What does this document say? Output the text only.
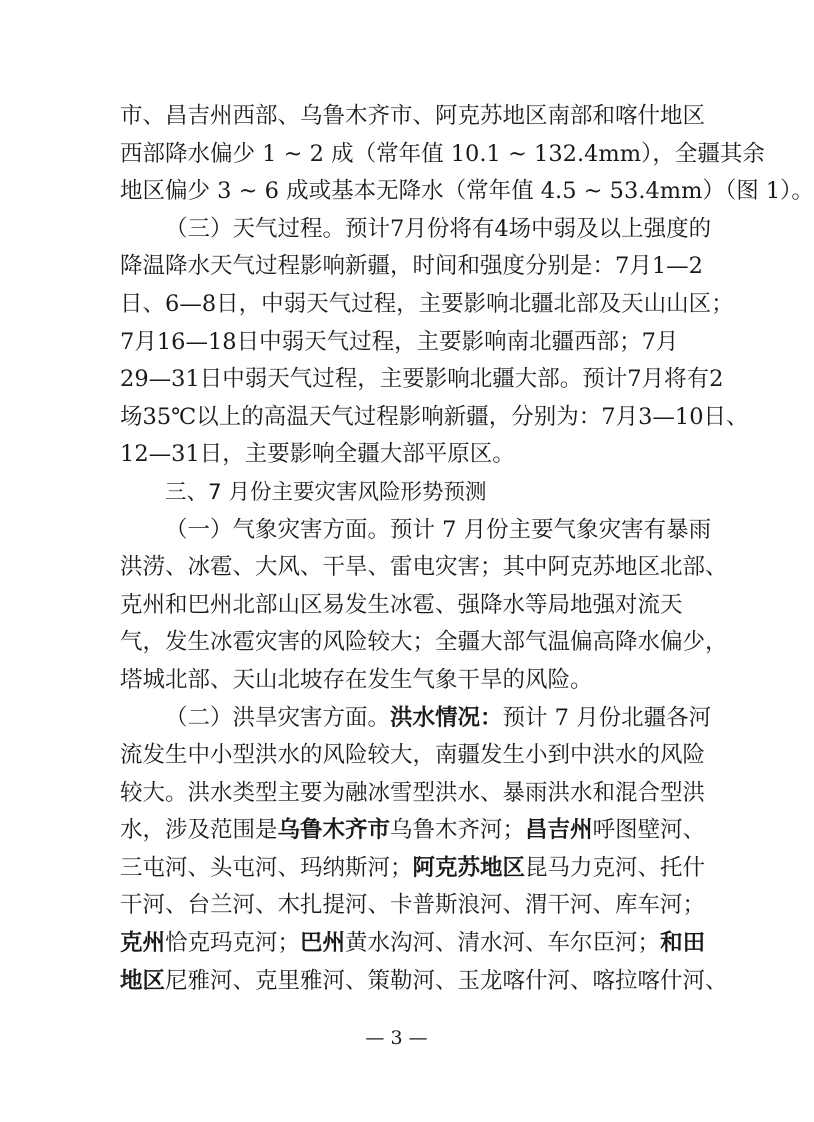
市、昌吉州西部、乌鲁木齐市、阿克苏地区南部和喀什地区
西部降水偏少 1 ~ 2 成（常年值 10.1 ~ 132.4mm），全疆其余
地区偏少 3 ~ 6 成或基本无降水（常年值 4.5 ~ 53.4mm）（图 1）。
（三）天气过程。预计7月份将有4场中弱及以上强度的
降温降水天气过程影响新疆，时间和强度分别是：7月1—2
日、6—8日，中弱天气过程，主要影响北疆北部及天山山区；
7月16—18日中弱天气过程，主要影响南北疆西部；7月
29—31日中弱天气过程，主要影响北疆大部。预计7月将有2
场35℃以上的高温天气过程影响新疆，分别为：7月3—10日、
12—31日，主要影响全疆大部平原区。
三、7 月份主要灾害风险形势预测
（一）气象灾害方面。预计 7 月份主要气象灾害有暴雨
洪涝、冰雹、大风、干旱、雷电灾害；其中阿克苏地区北部、
克州和巴州北部山区易发生冰雹、强降水等局地强对流天
气，发生冰雹灾害的风险较大；全疆大部气温偏高降水偏少，
塔城北部、天山北坡存在发生气象干旱的风险。
（二）洪旱灾害方面。洪水情况：预计 7 月份北疆各河
流发生中小型洪水的风险较大，南疆发生小到中洪水的风险
较大。洪水类型主要为融冰雪型洪水、暴雨洪水和混合型洪
水，涉及范围是乌鲁木齐市乌鲁木齐河；昌吉州呼图壁河、
三屯河、头屯河、玛纳斯河；阿克苏地区昆马力克河、托什
干河、台兰河、木扎提河、卡普斯浪河、渭干河、库车河；
克州恰克玛克河；巴州黄水沟河、清水河、车尔臣河；和田
地区尼雅河、克里雅河、策勒河、玉龙喀什河、喀拉喀什河、
— 3 —
